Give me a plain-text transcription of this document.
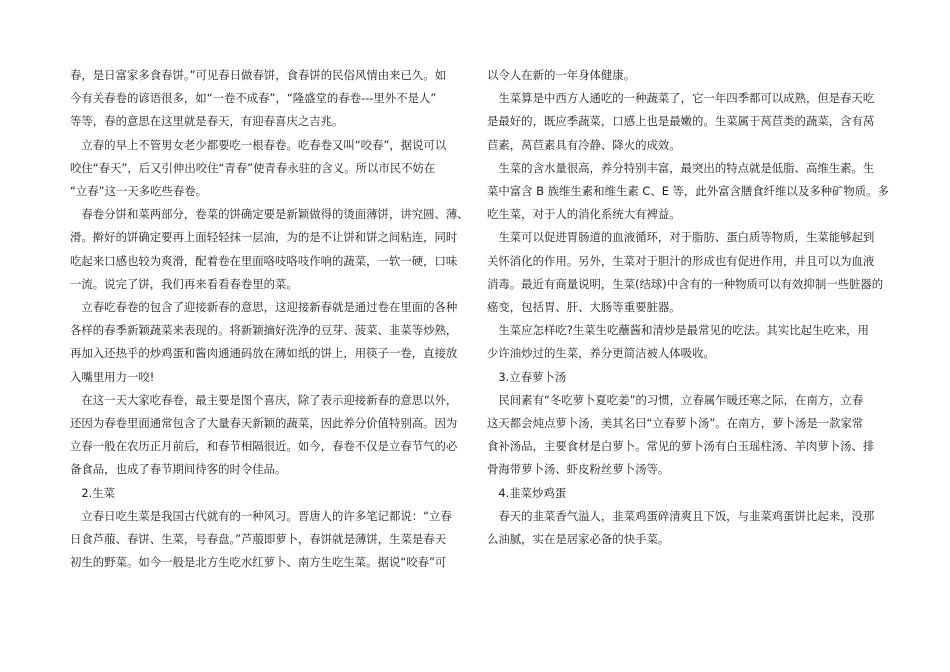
春，是日富家多食春饼。”可见春日做春饼，食春饼的民俗风情由来已久。如

今有关春卷的谚语很多，如“一卷不成春”，“隆盛堂的春卷---里外不是人”

等等，春的意思在这里就是春天，有迎春喜庆之吉兆。

立春的早上不管男女老少都要吃一根春卷。吃春卷又叫“咬春”，据说可以

咬住“春天”，后又引伸出咬住“青春”使青春永驻的含义。所以市民不妨在

“立春”这一天多吃些春卷。

春卷分饼和菜两部分，卷菜的饼确定要是新颖做得的烫面薄饼，讲究圆、薄、

滑。擀好的饼确定要再上面轻轻抹一层油，为的是不让饼和饼之间粘连，同时

吃起来口感也较为爽滑，配着卷在里面咯吱咯吱作响的蔬菜，一软一硬，口味

一流。说完了饼，我们再来看看春卷里的菜。

立春吃春卷的包含了迎接新春的意思，这迎接新春就是通过卷在里面的各种

各样的春季新颖蔬菜来表现的。将新颖摘好洗净的豆芽、菠菜、韭菜等炒熟，

再加入还热乎的炒鸡蛋和酱肉通通码放在薄如纸的饼上，用筷子一卷，直接放

入嘴里用力一咬!

在这一天大家吃春卷，最主要是图个喜庆，除了表示迎接新春的意思以外，

还因为春卷里面通常包含了大量春天新颖的蔬菜，因此养分价值特别高。因为

立春一般在农历正月前后，和春节相隔很近。如今，春卷不仅是立春节气的必

备食品，也成了春节期间待客的时令佳品。

2.生菜

立春日吃生菜是我国古代就有的一种风习。晋唐人的许多笔记都说：“立春

日食芦菔、春饼、生菜，号春盘。”芦菔即萝卜，春饼就是薄饼，生菜是春天

初生的野菜。如今一般是北方生吃水红萝卜、南方生吃生菜。据说“咬春”可

以令人在新的一年身体健康。

生菜算是中西方人通吃的一种蔬菜了，它一年四季都可以成熟，但是春天吃

是最好的，既应季蔬菜，口感上也是最嫩的。生菜属于莴苣类的蔬菜，含有莴

苣素，莴苣素具有冷静、降火的成效。

生菜的含水量很高，养分特别丰富，最突出的特点就是低脂、高维生素。生

菜中富含 B 族维生素和维生素 C、E 等，此外富含膳食纤维以及多种矿物质。多

吃生菜，对于人的消化系统大有裨益。

生菜可以促进胃肠道的血液循环，对于脂肪、蛋白质等物质，生菜能够起到

关怀消化的作用。另外，生菜对于胆汁的形成也有促进作用，并且可以为血液

消毒。最近有商量说明，生菜(结球)中含有的一种物质可以有效抑制一些脏器的

癌变，包括胃、肝、大肠等重要脏器。

生菜应怎样吃?生菜生吃蘸酱和清炒是最常见的吃法。其实比起生吃来，用

少许油炒过的生菜，养分更简洁被人体吸收。

3.立春萝卜汤

民间素有“冬吃萝卜夏吃姜”的习惯，立春属乍暖还寒之际，在南方，立春

这天都会炖点萝卜汤，美其名曰“立春萝卜汤”。在南方，萝卜汤是一款家常

食补汤品，主要食材是白萝卜。常见的萝卜汤有白玉瑶柱汤、羊肉萝卜汤、排

骨海带萝卜汤、虾皮粉丝萝卜汤等。

4.韭菜炒鸡蛋

春天的韭菜香气溢人，韭菜鸡蛋碎清爽且下饭，与韭菜鸡蛋饼比起来，没那

么油腻，实在是居家必备的快手菜。
